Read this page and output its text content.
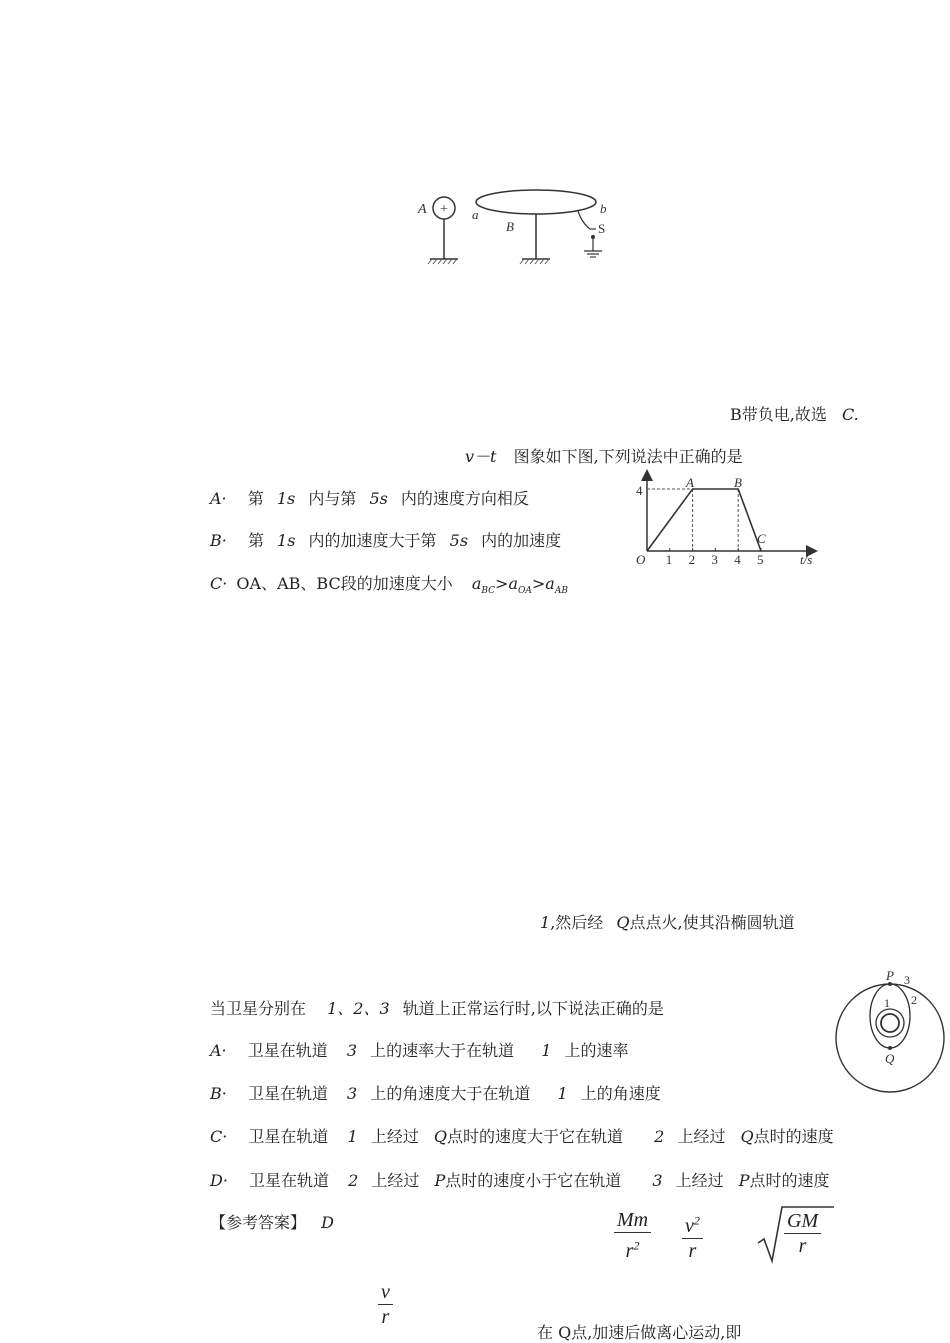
+
A	a
B
b
S
B带负电,故选 C.
v－t 图象如下图,下列说法中正确的是
A· 第 1s 内与第 5s 内的速度方向相反
B· 第 1s 内的加速度大于第 5s 内的加速度
C· OA、AB、BC段的加速度大小 $a_{BC}>a_{OA}>a_{AB}$
1 2 3 4 5
4
O	t/s
A	B
C
1,然后经 Q点点火,使其沿椭圆轨道
当卫星分别在 1、2、3 轨道上正常运行时,以下说法正确的是
A· 卫星在轨道 3 上的速率大于在轨道 1 上的速率
B· 卫星在轨道 3 上的角速度大于在轨道 1 上的角速度
C· 卫星在轨道 1 上经过 Q点时的速度大于它在轨道 2 上经过 Q点时的速度
D· 卫星在轨道 2 上经过 P点时的速度小于它在轨道 3 上经过 P点时的速度
【参考答案】 D	$\frac{Mm}{r^2} \frac{v^2}{r}$	$\frac{GM}{r}$
$\frac{v}{r}$
在 Q点,加速后做离心运动,即
P 3
2
1
Q
